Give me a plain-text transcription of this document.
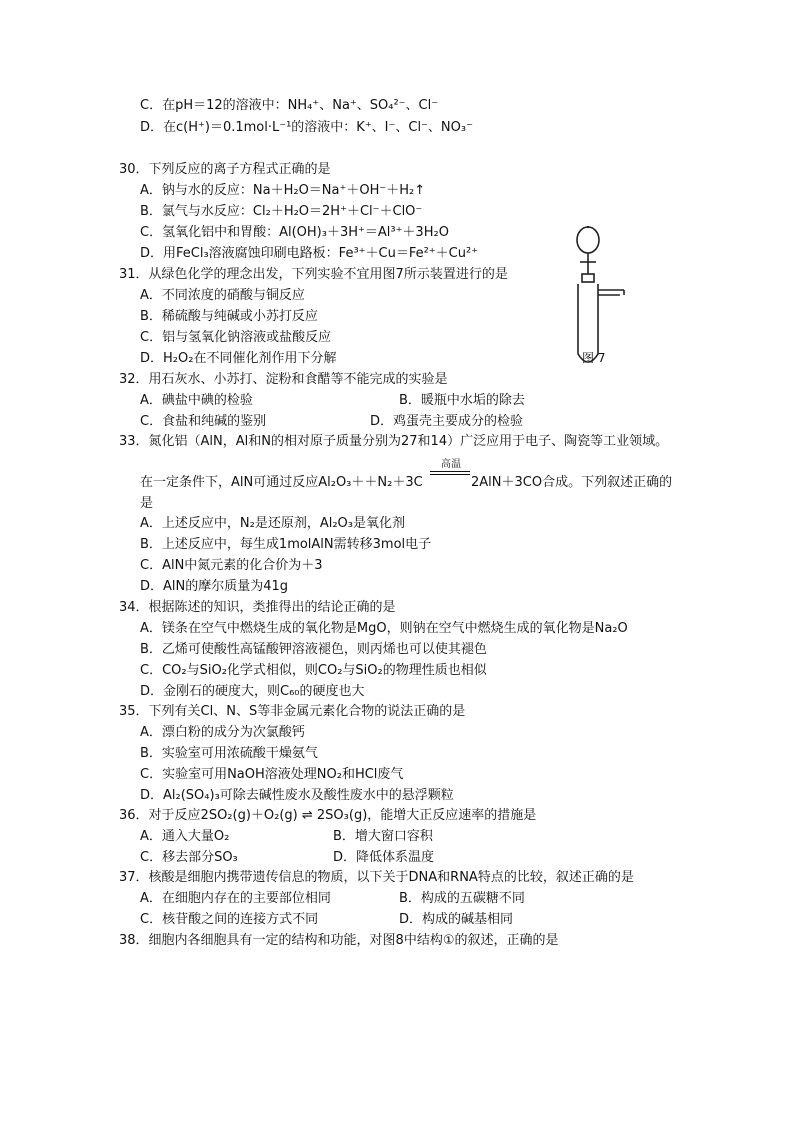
C．在pH＝12的溶液中：NH₄⁺、Na⁺、SO₄²⁻、Cl⁻
D．在c(H⁺)＝0.1mol·L⁻¹的溶液中：K⁺、I⁻、Cl⁻、NO₃⁻
30．下列反应的离子方程式正确的是
A．钠与水的反应：Na＋H₂O＝Na⁺＋OH⁻＋H₂↑
B．氯气与水反应：Cl₂＋H₂O＝2H⁺＋Cl⁻＋ClO⁻
C．氢氧化铝中和胃酸：Al(OH)₃＋3H⁺＝Al³⁺＋3H₂O
D．用FeCl₃溶液腐蚀印刷电路板：Fe³⁺＋Cu＝Fe²⁺＋Cu²⁺
图 7
31．从绿色化学的理念出发，下列实验不宜用图7所示装置进行的是
A．不同浓度的硝酸与铜反应
B．稀硫酸与纯碱或小苏打反应
C．铝与氢氧化钠溶液或盐酸反应
D．H₂O₂在不同催化剂作用下分解
32．用石灰水、小苏打、淀粉和食醋等不能完成的实验是
A．碘盐中碘的检验	B．暖瓶中水垢的除去
C．食盐和纯碱的鉴别	D．鸡蛋壳主要成分的检验
33．氮化铝（AlN，Al和N的相对原子质量分别为27和14）广泛应用于电子、陶瓷等工业领域。
在一定条件下，AlN可通过反应Al₂O₃＋＋N₂＋3C
高温
2AlN＋3CO合成。下列叙述正确的
是
A．上述反应中，N₂是还原剂，Al₂O₃是氧化剂
B．上述反应中，每生成1molAlN需转移3mol电子
C．AlN中氮元素的化合价为＋3
D．AlN的摩尔质量为41g
34．根据陈述的知识，类推得出的结论正确的是
A．镁条在空气中燃烧生成的氧化物是MgO，则钠在空气中燃烧生成的氧化物是Na₂O
B．乙烯可使酸性高锰酸钾溶液褪色，则丙烯也可以使其褪色
C．CO₂与SiO₂化学式相似，则CO₂与SiO₂的物理性质也相似
D．金刚石的硬度大，则C₆₀的硬度也大
35．下列有关Cl、N、S等非金属元素化合物的说法正确的是
A．漂白粉的成分为次氯酸钙
B．实验室可用浓硫酸干燥氨气
C．实验室可用NaOH溶液处理NO₂和HCl废气
D．Al₂(SO₄)₃可除去碱性废水及酸性废水中的悬浮颗粒
36．对于反应2SO₂(g)＋O₂(g) ⇌ 2SO₃(g)，能增大正反应速率的措施是
A．通入大量O₂	B．增大窗口容积
C．移去部分SO₃	D．降低体系温度
37．核酸是细胞内携带遗传信息的物质，以下关于DNA和RNA特点的比较，叙述正确的是
A．在细胞内存在的主要部位相同	B．构成的五碳糖不同
C．核苷酸之间的连接方式不同	D．构成的碱基相同
38．细胞内各细胞具有一定的结构和功能，对图8中结构①的叙述，正确的是
